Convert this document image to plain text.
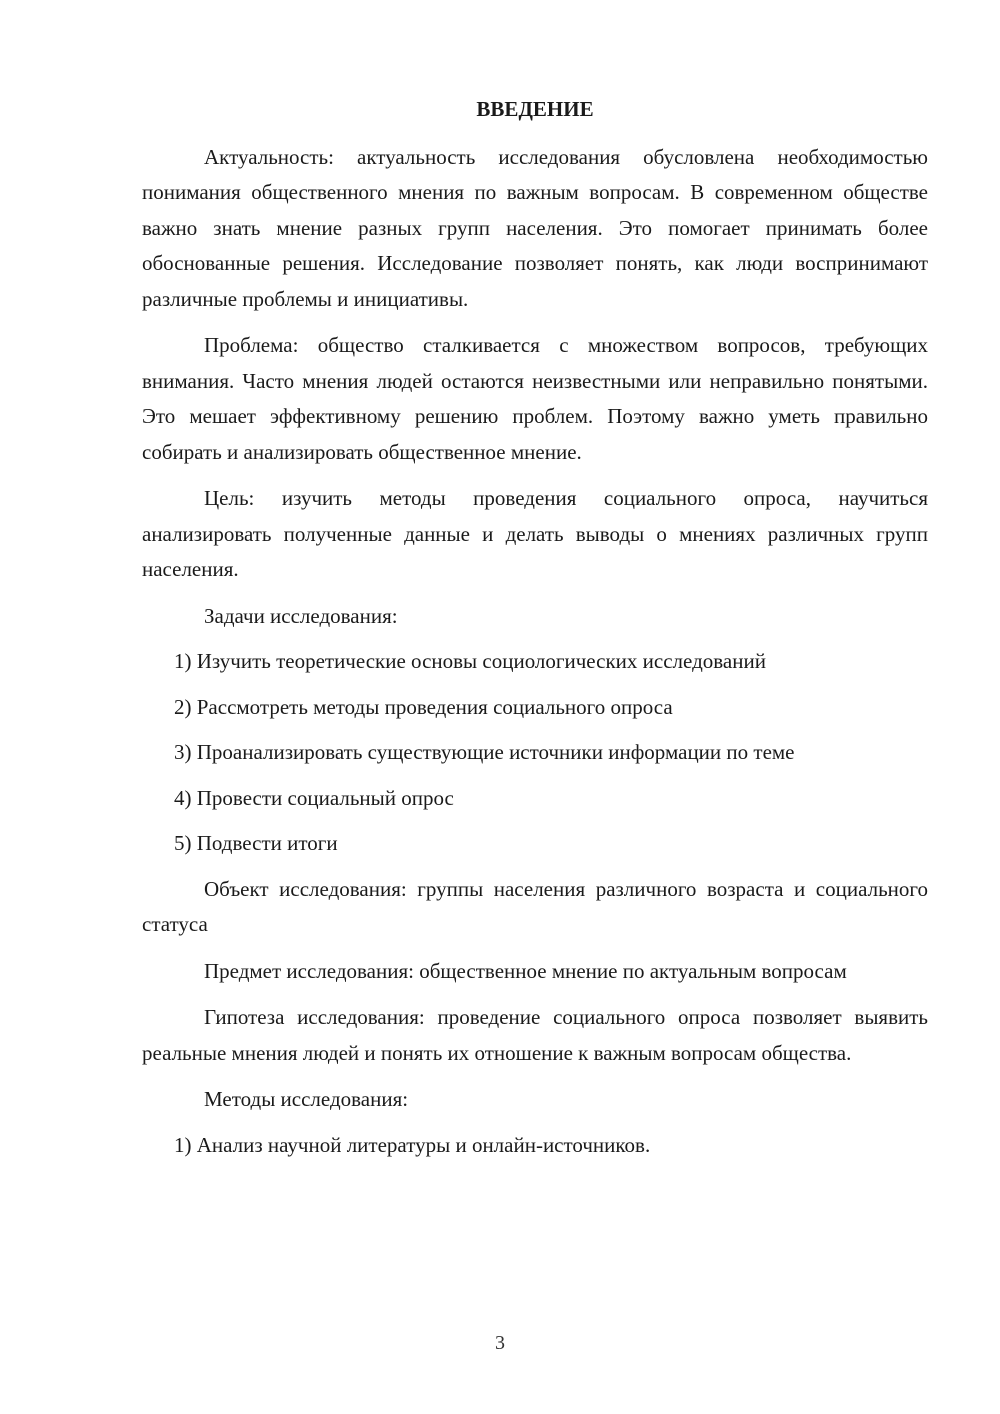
ВВЕДЕНИЕ
Актуальность: актуальность исследования обусловлена необходимостью понимания общественного мнения по важным вопросам. В современном обществе важно знать мнение разных групп населения. Это помогает принимать более обоснованные решения. Исследование позволяет понять, как люди воспринимают различные проблемы и инициативы.
Проблема: общество сталкивается с множеством вопросов, требующих внимания. Часто мнения людей остаются неизвестными или неправильно понятыми. Это мешает эффективному решению проблем. Поэтому важно уметь правильно собирать и анализировать общественное мнение.
Цель: изучить методы проведения социального опроса, научиться анализировать полученные данные и делать выводы о мнениях различных групп населения.
Задачи исследования:
1) Изучить теоретические основы социологических исследований
2) Рассмотреть методы проведения социального опроса
3) Проанализировать существующие источники информации по теме
4) Провести социальный опрос
5) Подвести итоги
Объект исследования: группы населения различного возраста и социального статуса
Предмет исследования: общественное мнение по актуальным вопросам
Гипотеза исследования: проведение социального опроса позволяет выявить реальные мнения людей и понять их отношение к важным вопросам общества.
Методы исследования:
1) Анализ научной литературы и онлайн-источников.
3
